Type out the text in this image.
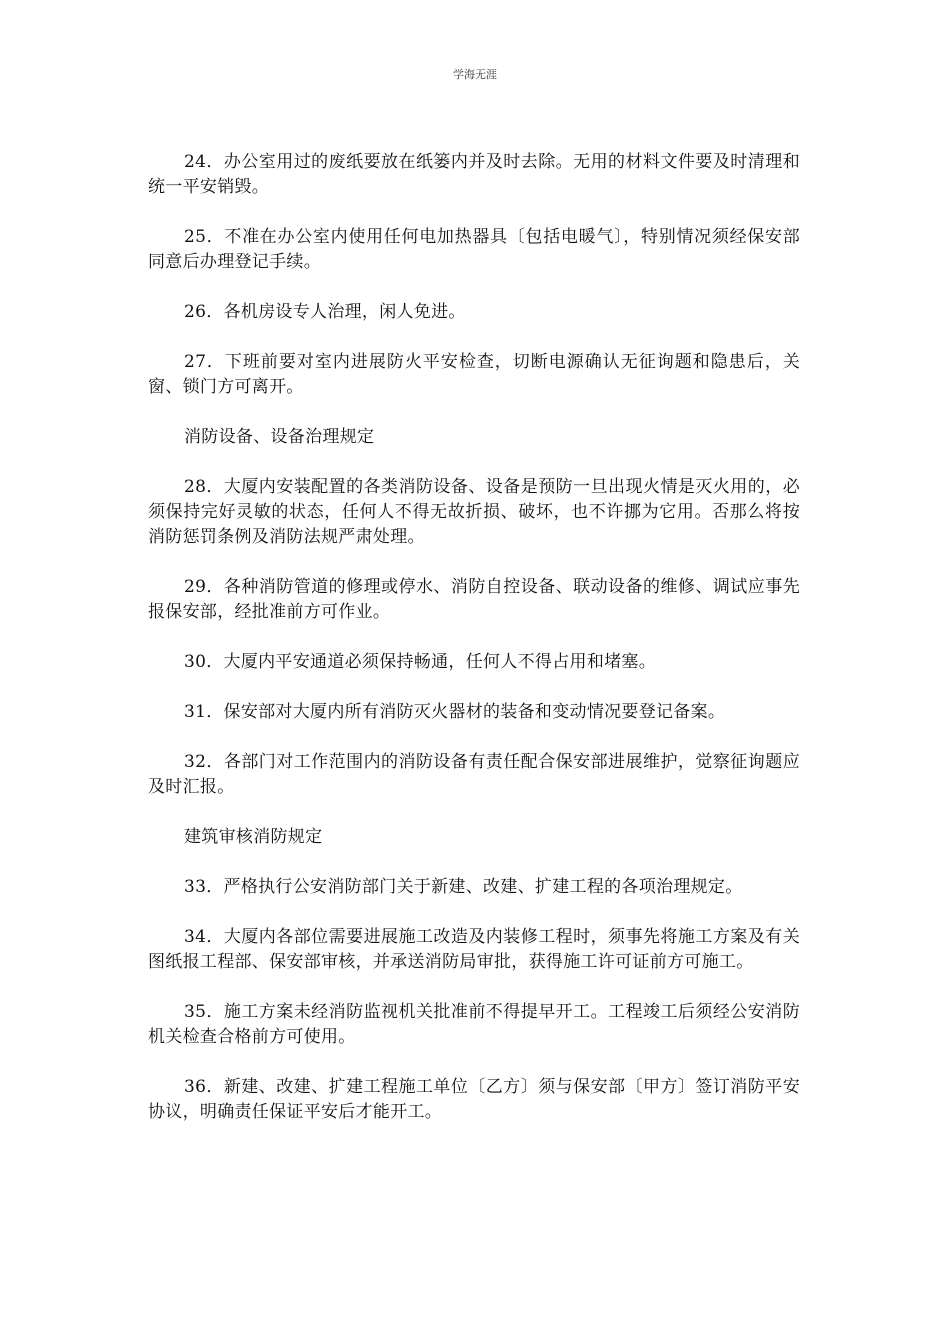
学海无涯

24．办公室用过的废纸要放在纸篓内并及时去除。无用的材料文件要及时清理和统一平安销毁。

25．不准在办公室内使用任何电加热器具〔包括电暖气〕，特别情况须经保安部同意后办理登记手续。

26．各机房设专人治理，闲人免进。

27．下班前要对室内进展防火平安检查，切断电源确认无征询题和隐患后，关窗、锁门方可离开。

消防设备、设备治理规定

28．大厦内安装配置的各类消防设备、设备是预防一旦出现火情是灭火用的，必须保持完好灵敏的状态，任何人不得无故折损、破坏，也不许挪为它用。否那么将按消防惩罚条例及消防法规严肃处理。

29．各种消防管道的修理或停水、消防自控设备、联动设备的维修、调试应事先报保安部，经批准前方可作业。

30．大厦内平安通道必须保持畅通，任何人不得占用和堵塞。

31．保安部对大厦内所有消防灭火器材的装备和变动情况要登记备案。

32．各部门对工作范围内的消防设备有责任配合保安部进展维护，觉察征询题应及时汇报。

建筑审核消防规定

33．严格执行公安消防部门关于新建、改建、扩建工程的各项治理规定。

34．大厦内各部位需要进展施工改造及内装修工程时，须事先将施工方案及有关图纸报工程部、保安部审核，并承送消防局审批，获得施工许可证前方可施工。

35．施工方案未经消防监视机关批准前不得提早开工。工程竣工后须经公安消防机关检查合格前方可使用。

36．新建、改建、扩建工程施工单位〔乙方〕须与保安部〔甲方〕签订消防平安协议，明确责任保证平安后才能开工。
